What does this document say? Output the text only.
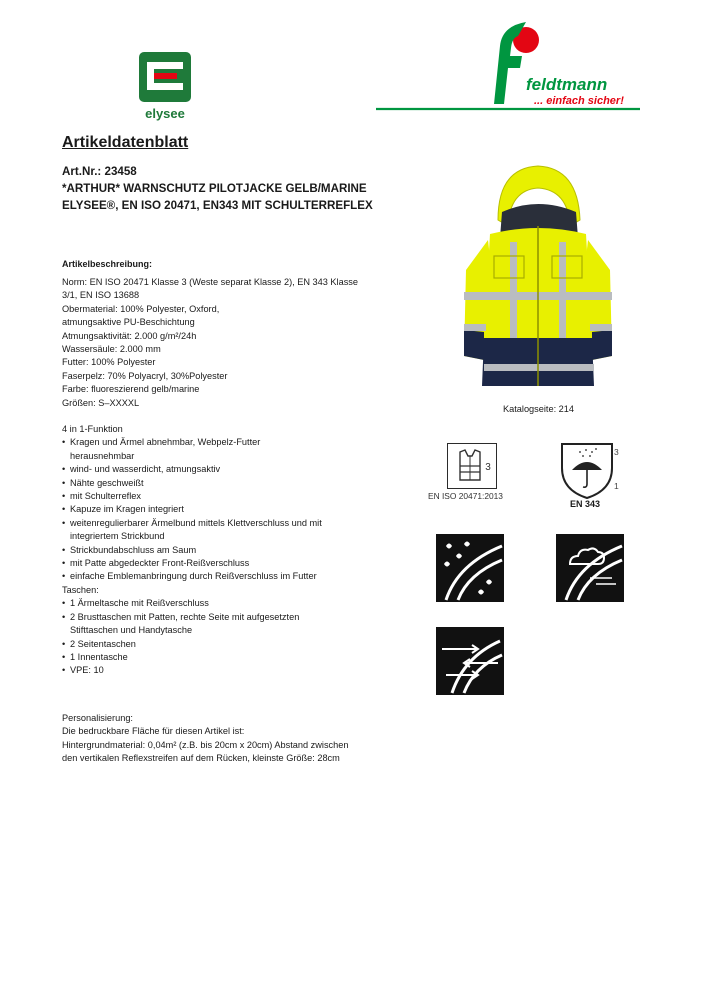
elysee
feldtmann
... einfach sicher!
Artikeldatenblatt
Art.Nr.: 23458
*ARTHUR* WARNSCHUTZ PILOTJACKE GELB/MARINE
ELYSEE®, EN ISO 20471, EN343 MIT SCHULTERREFLEX
Artikelbeschreibung:
Norm: EN ISO 20471 Klasse 3 (Weste separat Klasse 2), EN 343 Klasse
3/1, EN ISO 13688
Obermaterial: 100% Polyester, Oxford,
atmungsaktive PU-Beschichtung
Atmungsaktivität: 2.000 g/m²/24h
Wassersäule: 2.000 mm
Futter: 100% Polyester
Faserpelz: 70% Polyacryl, 30%Polyester
Farbe: fluoreszierend gelb/marine
Größen: S–XXXXL
4 in 1-Funktion
• Kragen und Ärmel abnehmbar, Webpelz-Futter
herausnehmbar
• wind- und wasserdicht, atmungsaktiv
• Nähte geschweißt
• mit Schulterreflex
• Kapuze im Kragen integriert
• weitenregulierbarer Ärmelbund mittels Klettverschluss und mit
integriertem Strickbund
• Strickbundabschluss am Saum
• mit Patte abgedeckter Front-Reißverschluss
• einfache Emblemanbringung durch Reißverschluss im Futter
Taschen:
• 1 Ärmeltasche mit Reißverschluss
• 2 Brusttaschen mit Patten, rechte Seite mit aufgesetzten
Stifttaschen und Handytasche
• 2 Seitentaschen
• 1 Innentasche
• VPE: 10
Personalisierung:
Die bedruckbare Fläche für diesen Artikel ist:
Hintergrundmaterial: 0,04m² (z.B. bis 20cm x 20cm) Abstand zwischen
den vertikalen Reflexstreifen auf dem Rücken, kleinste Größe: 28cm
Katalogseite: 214
3
EN ISO 20471:2013
EN 343
3
1
